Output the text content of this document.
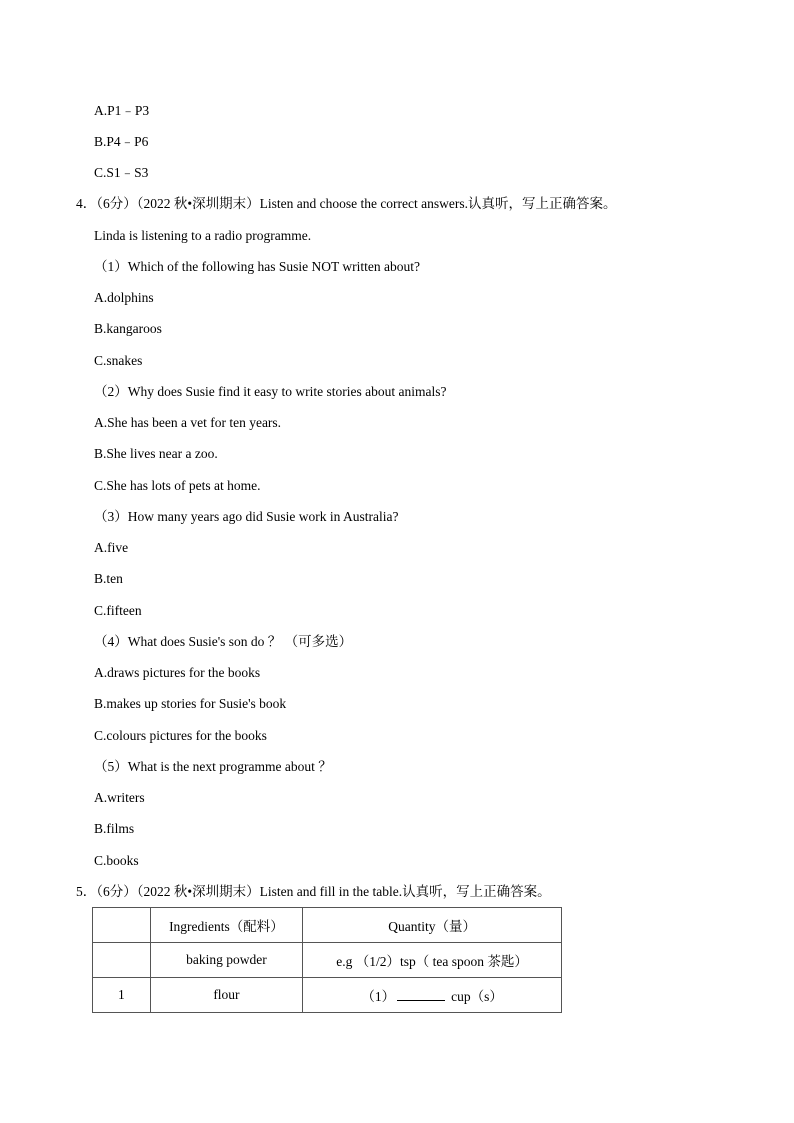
A.P1﹣P3
B.P4﹣P6
C.S1﹣S3
4．（6分）（2022 秋•深圳期末）Listen and choose the correct answers.认真听，写上正确答案。
Linda is listening to a radio programme.
（1）Which of the following has Susie NOT written about?
A.dolphins
B.kangaroos
C.snakes
（2）Why does Susie find it easy to write stories about animals?
A.She has been a vet for ten years.
B.She lives near a zoo.
C.She has lots of pets at home.
（3）How many years ago did Susie work in Australia?
A.five
B.ten
C.fifteen
（4）What does Susie's son do ？ （可多选）
A.draws pictures for the books
B.makes up stories for Susie's book
C.colours pictures for the books
（5）What is the next programme about ？
A.writers
B.films
C.books
5．（6分）（2022 秋•深圳期末）Listen and fill in the table.认真听，写上正确答案。
	Ingredients（配料）	Quantity（量）
	baking powder	e.g （1/2）tsp（ tea spoon 茶匙）
1	flour	（1） cup（s）
